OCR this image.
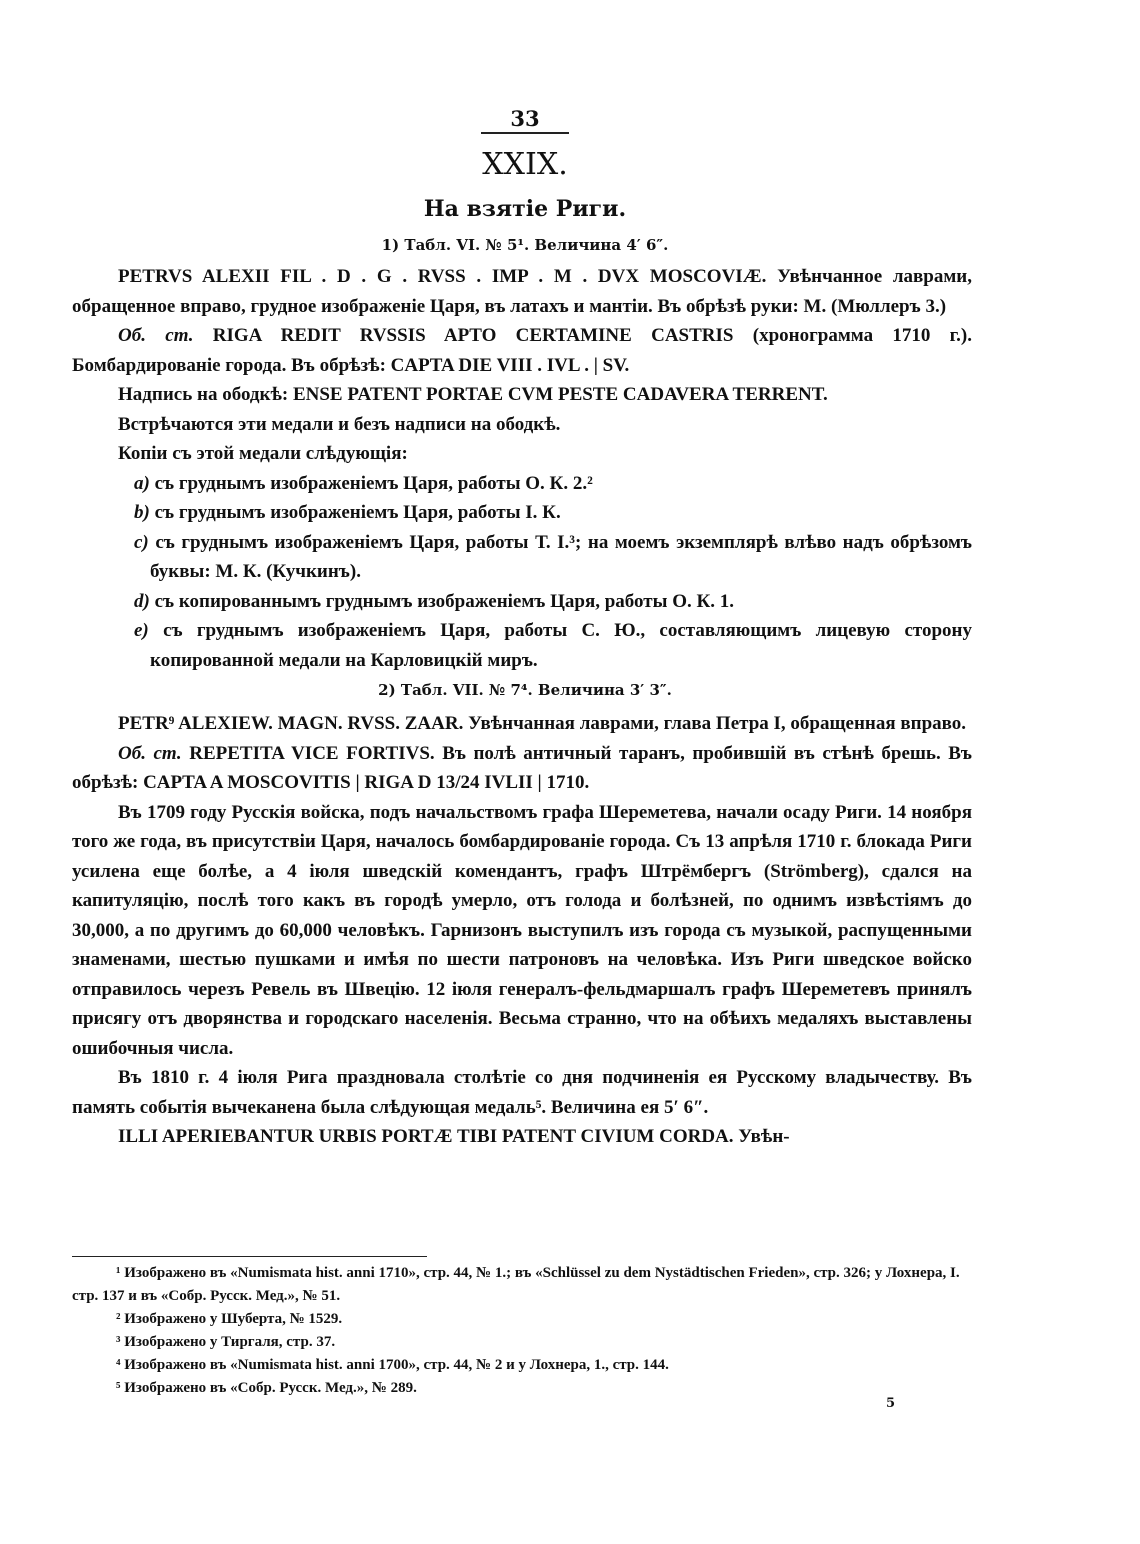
33
XXIX.
На взятіе Риги.
1) Табл. VI. № 5¹. Величина 4′ 6″.

PETRVS ALEXII FIL . D . G . RVSS . IMP . M . DVX MOSCOVIÆ. Увѣнчанное лаврами, обращенное вправо, грудное изображеніе Царя, въ латахъ и мантіи. Въ обрѣзѣ руки: М. (Мюллеръ 3.)

Об. ст. RIGA REDIT RVSSIS APTO CERTAMINE CASTRIS (хронограмма 1710 г.). Бомбардированіе города. Въ обрѣзѣ: CAPTA DIE VIII . IVL . | SV.

Надпись на ободкѣ: ENSE PATENT PORTAE CVM PESTE CADAVERA TERRENT.

Встрѣчаются эти медали и безъ надписи на ободкѣ.

Копіи съ этой медали слѣдующія:

a) съ груднымъ изображеніемъ Царя, работы О. К. 2.²

b) съ груднымъ изображеніемъ Царя, работы I. К.

c) съ груднымъ изображеніемъ Царя, работы Т. I.³; на моемъ экземплярѣ влѣво надъ обрѣзомъ буквы: М. К. (Кучкинъ).

d) съ копированнымъ груднымъ изображеніемъ Царя, работы О. К. 1.

e) съ груднымъ изображеніемъ Царя, работы С. Ю., составляющимъ лицевую сторону копированной медали на Карловицкій миръ.

2) Табл. VII. № 7⁴. Величина 3′ 3″.

PETR⁹ ALEXIEW. MAGN. RVSS. ZAAR. Увѣнчанная лаврами, глава Петра I, обращенная вправо.

Об. ст. REPETITA VICE FORTIVS. Въ полѣ античный таранъ, пробившій въ стѣнѣ брешь. Въ обрѣзѣ: CAPTA A MOSCOVITIS | RIGA D 13/24 IVLII | 1710.

Въ 1709 году Русскія войска, подъ начальствомъ графа Шереметева, начали осаду Риги. 14 ноября того же года, въ присутствіи Царя, началось бомбардированіе города. Съ 13 апрѣля 1710 г. блокада Риги усилена еще болѣе, а 4 іюля шведскій комендантъ, графъ Штрёмбергъ (Strömberg), сдался на капитуляцію, послѣ того какъ въ городѣ умерло, отъ голода и болѣзней, по однимъ извѣстіямъ до 30,000, а по другимъ до 60,000 человѣкъ. Гарнизонъ выступилъ изъ города съ музыкой, распущенными знаменами, шестью пушками и имѣя по шести патроновъ на человѣка. Изъ Риги шведское войско отправилось черезъ Ревель въ Швецію. 12 іюля генералъ-фельдмаршалъ графъ Шереметевъ принялъ присягу отъ дворянства и городскаго населенія. Весьма странно, что на обѣихъ медаляхъ выставлены ошибочныя числа.

Въ 1810 г. 4 іюля Рига праздновала столѣтіе со дня подчиненія ея Русскому владычеству. Въ память событія вычеканена была слѣдующая медаль⁵. Величина ея 5′ 6″.

ILLI APERIEBANTUR URBIS PORTÆ TIBI PATENT CIVIUM CORDA. Увѣн-

¹ Изображено въ «Numismata hist. anni 1710», стр. 44, № 1.; въ «Schlüssel zu dem Nystädtischen Frieden», стр. 326; у Лохнера, I. стр. 137 и въ «Собр. Русск. Мед.», № 51.

² Изображено у Шуберта, № 1529.

³ Изображено у Тиргаля, стр. 37.

⁴ Изображено въ «Numismata hist. anni 1700», стр. 44, № 2 и у Лохнера, 1., стр. 144.

⁵ Изображено въ «Собр. Русск. Мед.», № 289.

5
